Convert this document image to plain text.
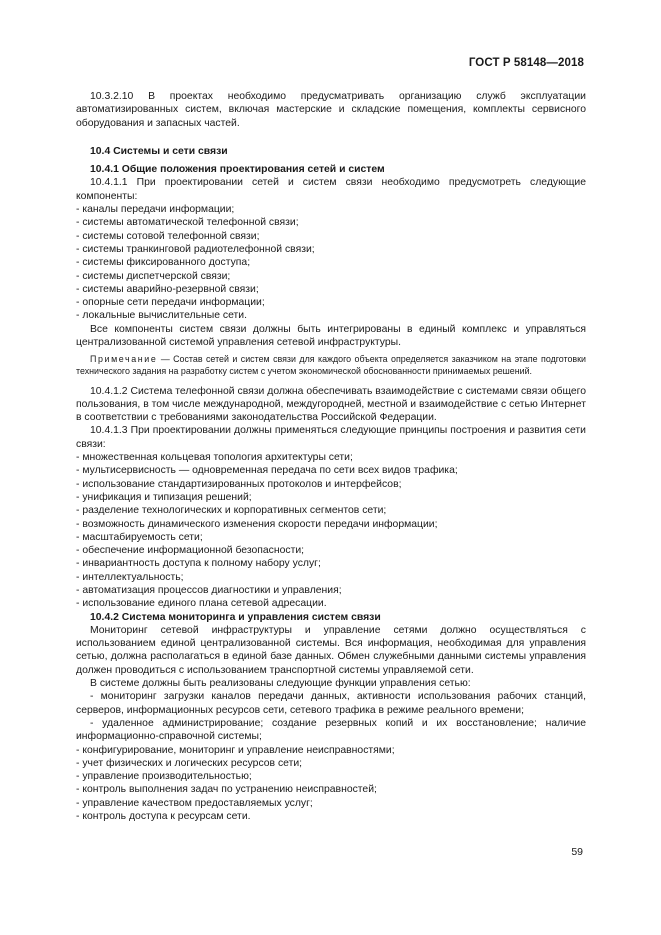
ГОСТ Р 58148—2018

10.3.2.10 В проектах необходимо предусматривать организацию служб эксплуатации автоматизированных систем, включая мастерские и складские помещения, комплекты сервисного оборудования и запасных частей.

10.4 Системы и сети связи

10.4.1 Общие положения проектирования сетей и систем

10.4.1.1 При проектировании сетей и систем связи необходимо предусмотреть следующие компоненты:

- каналы передачи информации;
- системы автоматической телефонной связи;
- системы сотовой телефонной связи;
- системы транкинговой радиотелефонной связи;
- системы фиксированного доступа;
- системы диспетчерской связи;
- системы аварийно-резервной связи;
- опорные сети передачи информации;
- локальные вычислительные сети.

Все компоненты систем связи должны быть интегрированы в единый комплекс и управляться централизованной системой управления сетевой инфраструктуры.

Примечание — Состав сетей и систем связи для каждого объекта определяется заказчиком на этапе подготовки технического задания на разработку систем с учетом экономической обоснованности принимаемых решений.

10.4.1.2 Система телефонной связи должна обеспечивать взаимодействие с системами связи общего пользования, в том числе международной, междугородней, местной и взаимодействие с сетью Интернет в соответствии с требованиями законодательства Российской Федерации.

10.4.1.3 При проектировании должны применяться следующие принципы построения и развития сети связи:

- множественная кольцевая топология архитектуры сети;
- мультисервисность — одновременная передача по сети всех видов трафика;
- использование стандартизированных протоколов и интерфейсов;
- унификация и типизация решений;
- разделение технологических и корпоративных сегментов сети;
- возможность динамического изменения скорости передачи информации;
- масштабируемость сети;
- обеспечение информационной безопасности;
- инвариантность доступа к полному набору услуг;
- интеллектуальность;
- автоматизация процессов диагностики и управления;
- использование единого плана сетевой адресации.

10.4.2 Система мониторинга и управления систем связи

Мониторинг сетевой инфраструктуры и управление сетями должно осуществляться с использованием единой централизованной системы. Вся информация, необходимая для управления сетью, должна располагаться в единой базе данных. Обмен служебными данными системы управления должен проводиться с использованием транспортной системы управляемой сети.

В системе должны быть реализованы следующие функции управления сетью:

- мониторинг загрузки каналов передачи данных, активности использования рабочих станций, серверов, информационных ресурсов сети, сетевого трафика в режиме реального времени;
- удаленное администрирование; создание резервных копий и их восстановление; наличие информационно-справочной системы;
- конфигурирование, мониторинг и управление неисправностями;
- учет физических и логических ресурсов сети;
- управление производительностью;
- контроль выполнения задач по устранению неисправностей;
- управление качеством предоставляемых услуг;
- контроль доступа к ресурсам сети.
59
